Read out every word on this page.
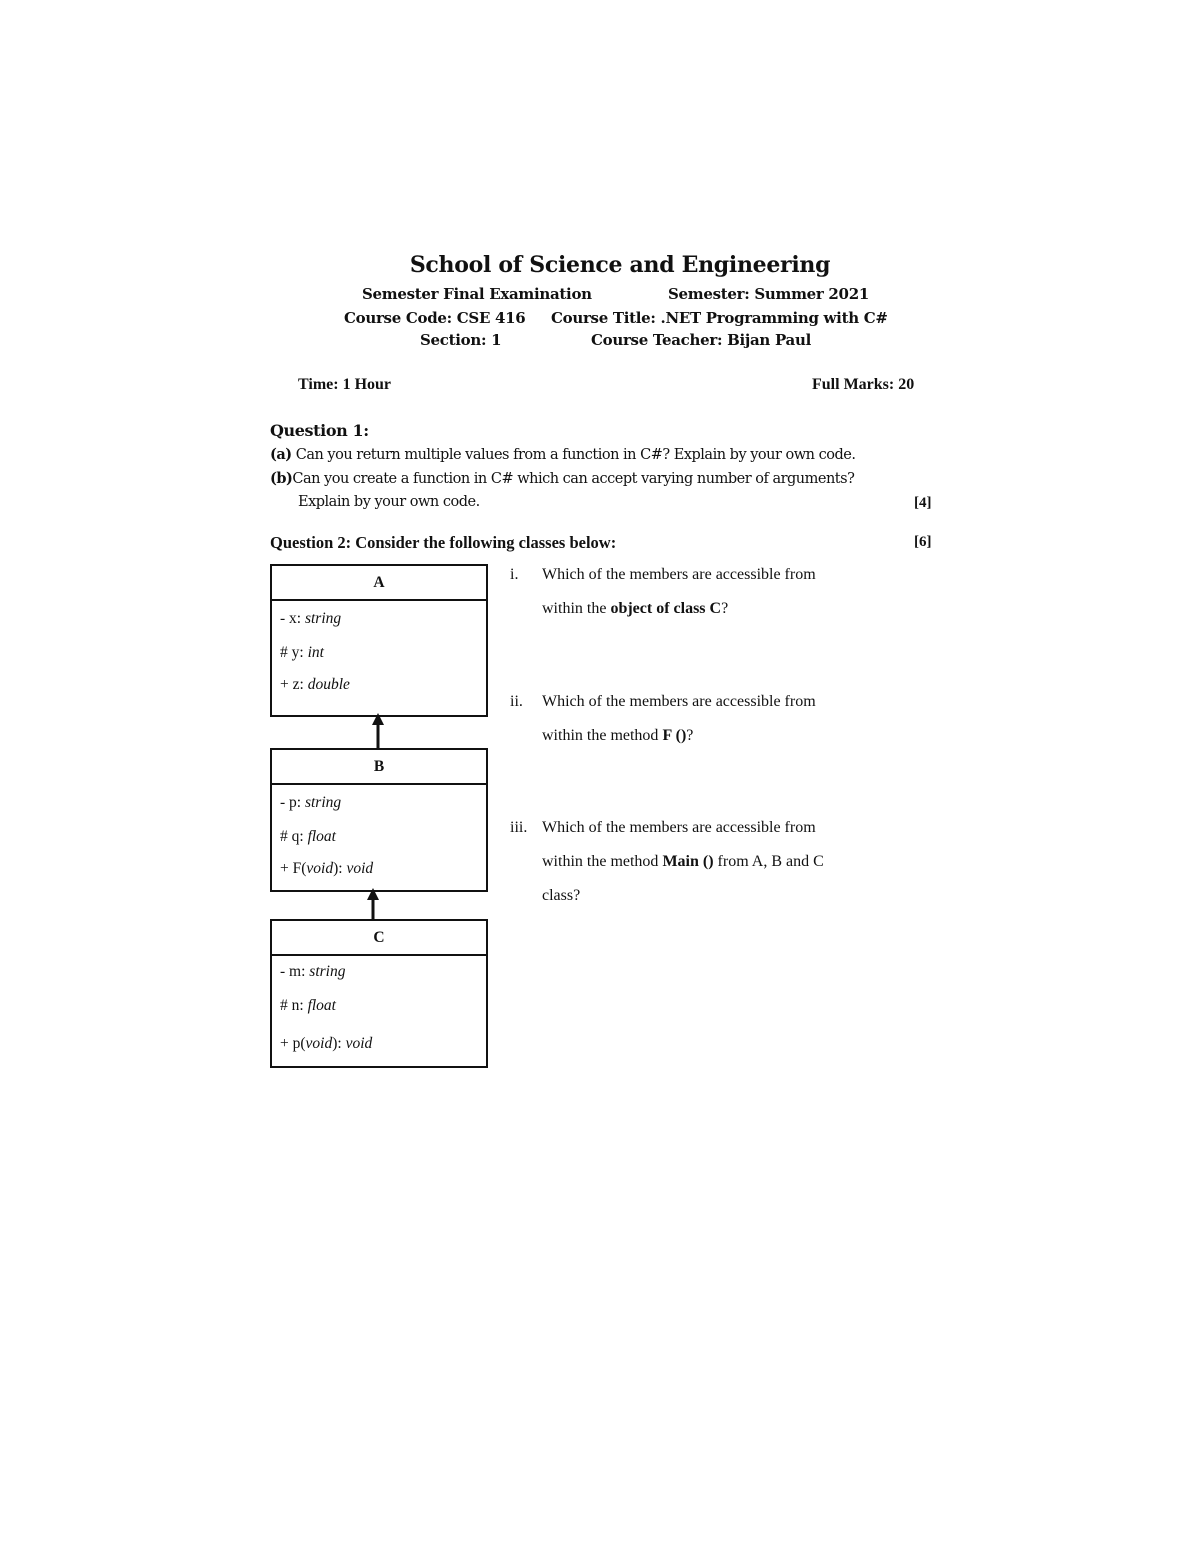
School of Science and Engineering
Semester Final Examination	Semester: Summer 2021
Course Code: CSE 416 Course Title: .NET Programming with C#
Section: 1	Course Teacher: Bijan Paul
Time: 1 Hour	Full Marks: 20
Question 1:
(a) Can you return multiple values from a function in C#? Explain by your own code.
(b)Can you create a function in C# which can accept varying number of arguments?
Explain by your own code.	[4]
Question 2: Consider the following classes below:	[6]
A
- x: string
# y: int
+ z: double
B
- p: string
# q: float
+ F(void): void
C
- m: string
# n: float
+ p(void): void
i. Which of the members are accessible from
within the object of class C?
ii. Which of the members are accessible from
within the method F ()?
iii. Which of the members are accessible from
within the method Main () from A, B and C
class?
